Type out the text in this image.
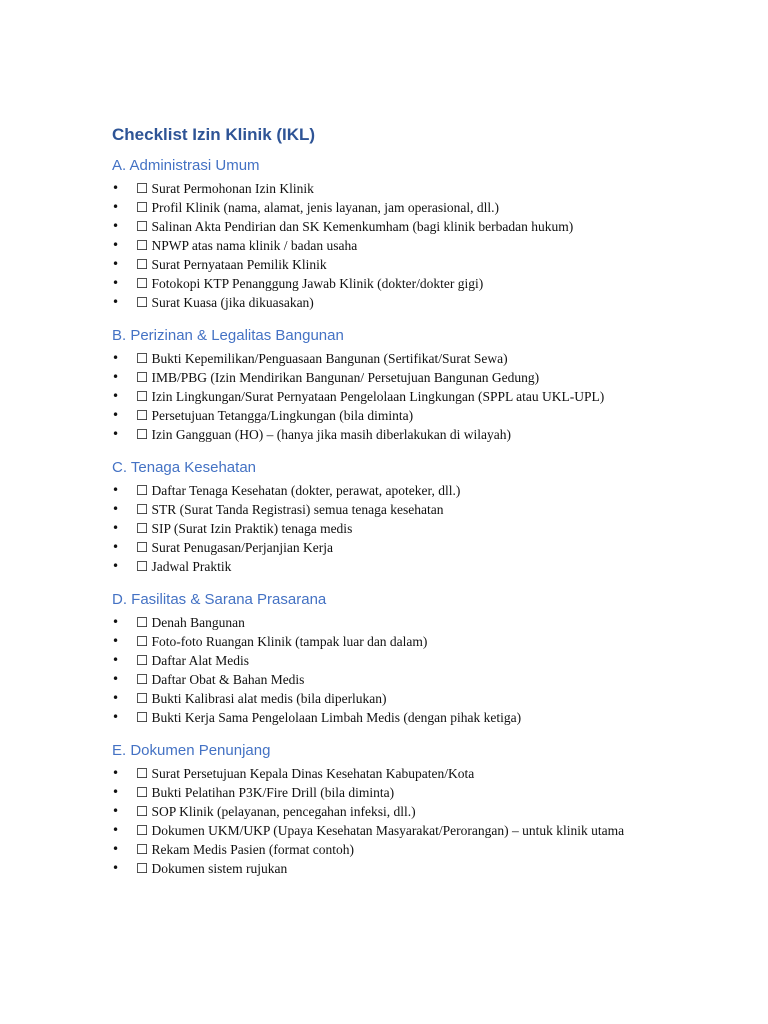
Checklist Izin Klinik (IKL)
A. Administrasi Umum
• ☐ Surat Permohonan Izin Klinik
• ☐ Profil Klinik (nama, alamat, jenis layanan, jam operasional, dll.)
• ☐ Salinan Akta Pendirian dan SK Kemenkumham (bagi klinik berbadan hukum)
• ☐ NPWP atas nama klinik / badan usaha
• ☐ Surat Pernyataan Pemilik Klinik
• ☐ Fotokopi KTP Penanggung Jawab Klinik (dokter/dokter gigi)
• ☐ Surat Kuasa (jika dikuasakan)
B. Perizinan & Legalitas Bangunan
• ☐ Bukti Kepemilikan/Penguasaan Bangunan (Sertifikat/Surat Sewa)
• ☐ IMB/PBG (Izin Mendirikan Bangunan/ Persetujuan Bangunan Gedung)
• ☐ Izin Lingkungan/Surat Pernyataan Pengelolaan Lingkungan (SPPL atau UKL-UPL)
• ☐ Persetujuan Tetangga/Lingkungan (bila diminta)
• ☐ Izin Gangguan (HO) – (hanya jika masih diberlakukan di wilayah)
C. Tenaga Kesehatan
• ☐ Daftar Tenaga Kesehatan (dokter, perawat, apoteker, dll.)
• ☐ STR (Surat Tanda Registrasi) semua tenaga kesehatan
• ☐ SIP (Surat Izin Praktik) tenaga medis
• ☐ Surat Penugasan/Perjanjian Kerja
• ☐ Jadwal Praktik
D. Fasilitas & Sarana Prasarana
• ☐ Denah Bangunan
• ☐ Foto-foto Ruangan Klinik (tampak luar dan dalam)
• ☐ Daftar Alat Medis
• ☐ Daftar Obat & Bahan Medis
• ☐ Bukti Kalibrasi alat medis (bila diperlukan)
• ☐ Bukti Kerja Sama Pengelolaan Limbah Medis (dengan pihak ketiga)
E. Dokumen Penunjang
• ☐ Surat Persetujuan Kepala Dinas Kesehatan Kabupaten/Kota
• ☐ Bukti Pelatihan P3K/Fire Drill (bila diminta)
• ☐ SOP Klinik (pelayanan, pencegahan infeksi, dll.)
• ☐ Dokumen UKM/UKP (Upaya Kesehatan Masyarakat/Perorangan) – untuk klinik utama
• ☐ Rekam Medis Pasien (format contoh)
• ☐ Dokumen sistem rujukan
